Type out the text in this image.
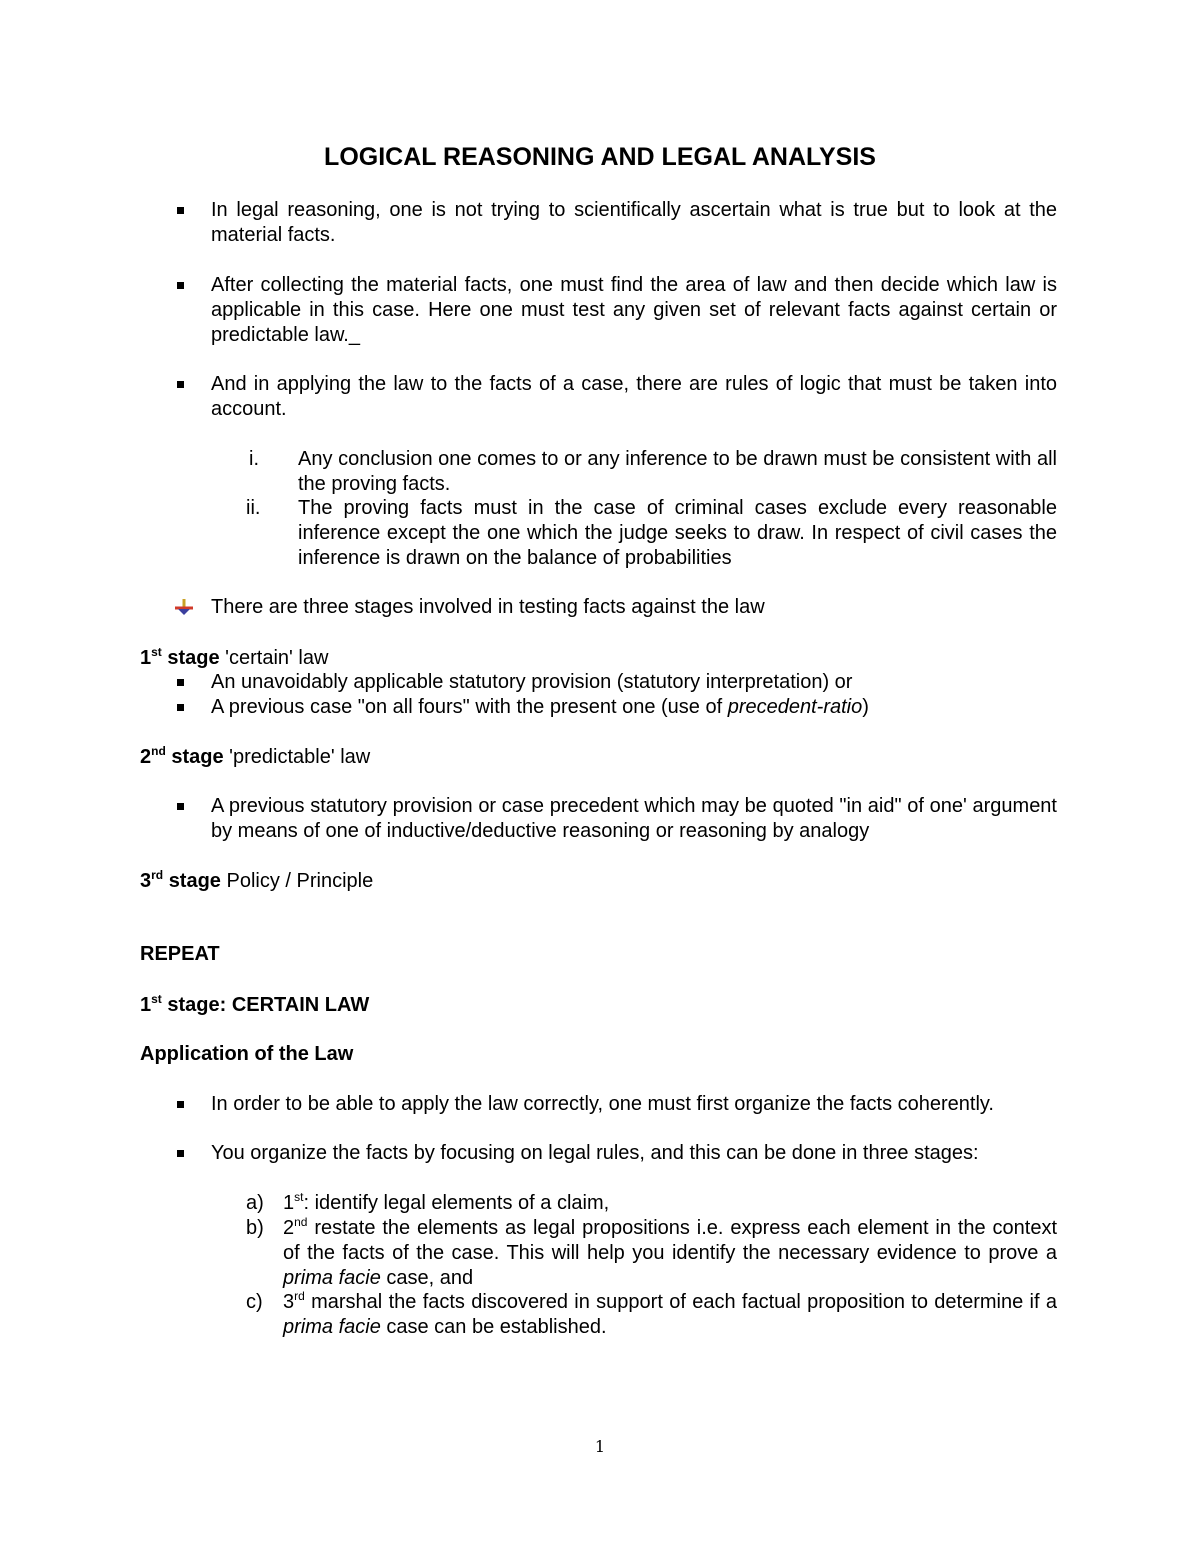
LOGICAL REASONING AND LEGAL ANALYSIS
In legal reasoning, one is not trying to scientifically ascertain what is true but to look at the material facts.
After collecting the material facts, one must find the area of law and then decide which law is applicable in this case. Here one must test any given set of relevant facts against certain or predictable law._
And in applying the law to the facts of a case, there are rules of logic that must be taken into account.
i. Any conclusion one comes to or any inference to be drawn must be consistent with all the proving facts.
ii. The proving facts must in the case of criminal cases exclude every reasonable inference except the one which the judge seeks to draw. In respect of civil cases the inference is drawn on the balance of probabilities
There are three stages involved in testing facts against the law
1st stage 'certain' law
An unavoidably applicable statutory provision (statutory interpretation) or
A previous case "on all fours" with the present one (use of precedent-ratio)
2nd stage 'predictable' law
A previous statutory provision or case precedent which may be quoted "in aid" of one' argument by means of one of inductive/deductive reasoning or reasoning by analogy
3rd stage Policy / Principle
REPEAT
1st stage: CERTAIN LAW
Application of the Law
In order to be able to apply the law correctly, one must first organize the facts coherently.
You organize the facts by focusing on legal rules, and this can be done in three stages:
a) 1st: identify legal elements of a claim,
b) 2nd restate the elements as legal propositions i.e. express each element in the context of the facts of the case. This will help you identify the necessary evidence to prove a prima facie case, and
c) 3rd marshal the facts discovered in support of each factual proposition to determine if a prima facie case can be established.
1
